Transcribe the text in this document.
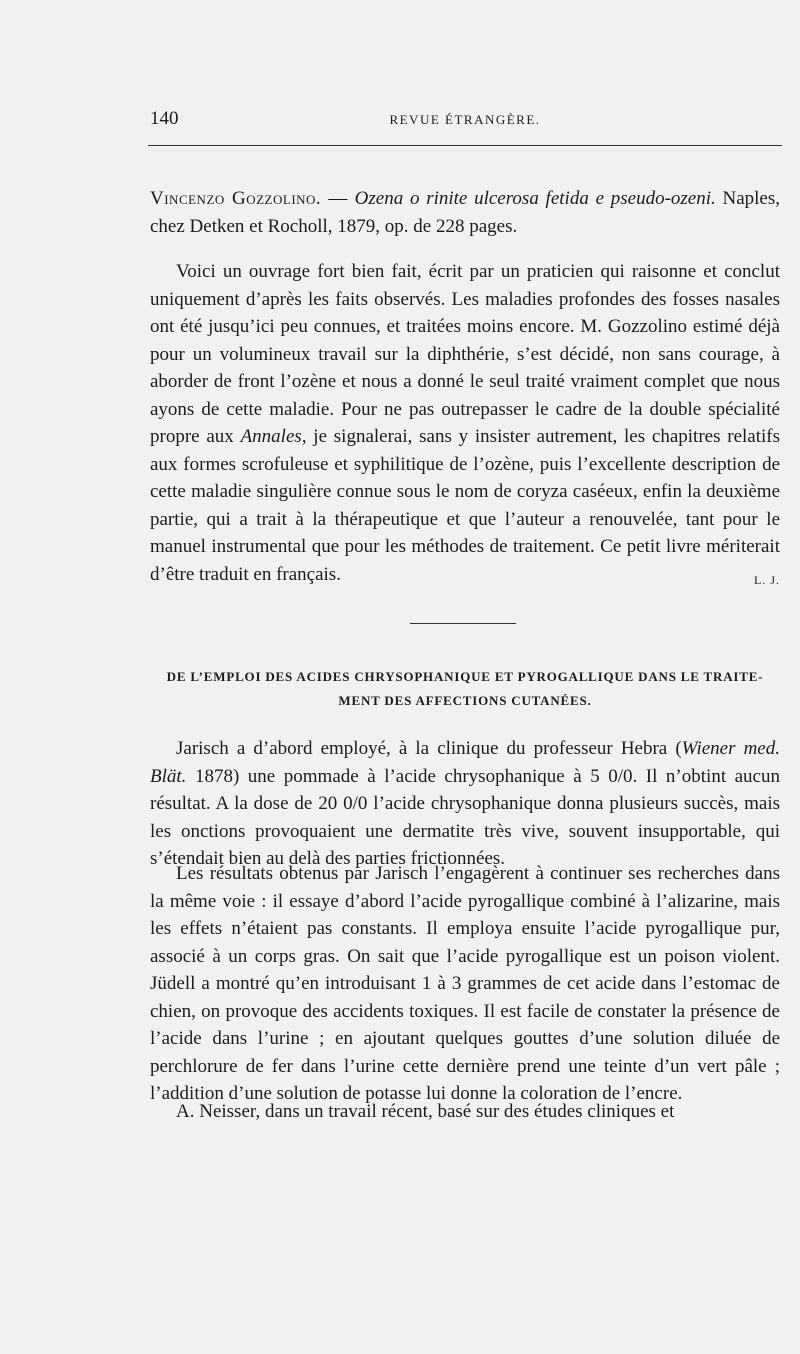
140	REVUE ÉTRANGÈRE.
Vincenzo Gozzolino. — Ozena o rinite ulcerosa fetida e pseudo-ozeni. Naples, chez Detken et Rocholl, 1879, op. de 228 pages.
Voici un ouvrage fort bien fait, écrit par un praticien qui raisonne et conclut uniquement d’après les faits observés. Les maladies profondes des fosses nasales ont été jusqu’ici peu connues, et traitées moins encore. M. Gozzolino estimé déjà pour un volumineux travail sur la diphthérie, s’est décidé, non sans courage, à aborder de front l’ozène et nous a donné le seul traité vraiment complet que nous ayons de cette maladie. Pour ne pas outrepasser le cadre de la double spécialité propre aux Annales, je signalerai, sans y insister autrement, les chapitres relatifs aux formes scrofuleuse et syphilitique de l’ozène, puis l’excellente description de cette maladie singulière connue sous le nom de coryza caséeux, enfin la deuxième partie, qui a trait à la thérapeutique et que l’auteur a renouvelée, tant pour le manuel instrumental que pour les méthodes de traitement. Ce petit livre mériterait d’être traduit en français.	L. J.
DE L’EMPLOI DES ACIDES CHRYSOPHANIQUE ET PYROGALLIQUE DANS LE TRAITE-
MENT DES AFFECTIONS CUTANÉES.
Jarisch a d’abord employé, à la clinique du professeur Hebra (Wiener med. Blät. 1878) une pommade à l’acide chrysophanique à 5 0/0. Il n’obtint aucun résultat. A la dose de 20 0/0 l’acide chrysophanique donna plusieurs succès, mais les onctions provoquaient une dermatite très vive, souvent insupportable, qui s’étendait bien au delà des parties frictionnées.
Les résultats obtenus par Jarisch l’engagèrent à continuer ses recherches dans la même voie : il essaye d’abord l’acide pyrogallique combiné à l’alizarine, mais les effets n’étaient pas constants. Il employa ensuite l’acide pyrogallique pur, associé à un corps gras. On sait que l’acide pyrogallique est un poison violent. Jüdell a montré qu’en introduisant 1 à 3 grammes de cet acide dans l’estomac de chien, on provoque des accidents toxiques. Il est facile de constater la présence de l’acide dans l’urine ; en ajoutant quelques gouttes d’une solution diluée de perchlorure de fer dans l’urine cette dernière prend une teinte d’un vert pâle ; l’addition d’une solution de potasse lui donne la coloration de l’encre.
A. Neisser, dans un travail récent, basé sur des études cliniques et
